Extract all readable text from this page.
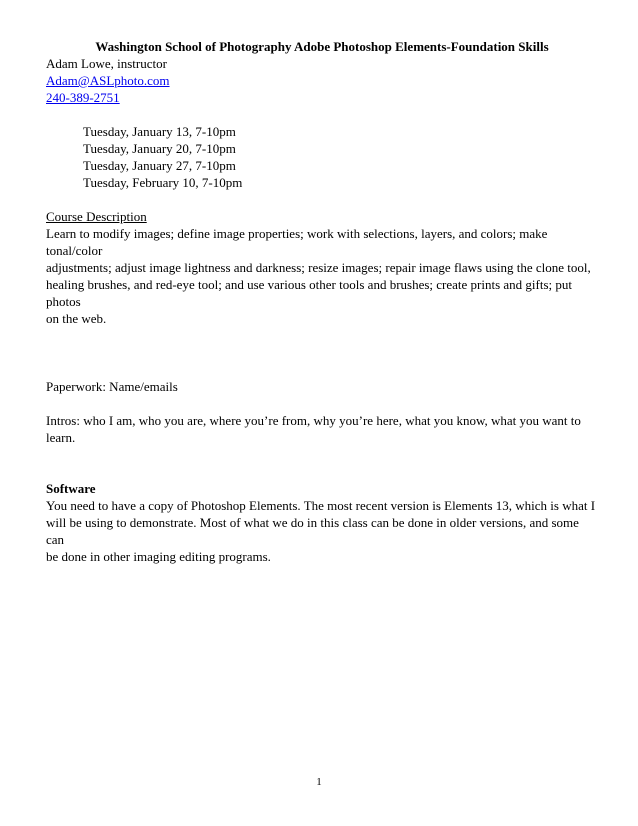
Washington School of Photography Adobe Photoshop Elements-Foundation Skills

Adam Lowe, instructor

Adam@ASLphoto.com

240-389-2751

Tuesday, January 13, 7-10pm

Tuesday, January 20, 7-10pm

Tuesday, January 27, 7-10pm

Tuesday, February 10, 7-10pm

Course Description

Learn to modify images; define image properties; work with selections, layers, and colors; make tonal/color

adjustments; adjust image lightness and darkness; resize images; repair image flaws using the clone tool,

healing brushes, and red-eye tool; and use various other tools and brushes; create prints and gifts; put photos

on the web.

Paperwork: Name/emails

Intros: who I am, who you are, where you’re from, why you’re here, what you know, what you want to learn.

Software

You need to have a copy of Photoshop Elements. The most recent version is Elements 13, which is what I

will be using to demonstrate. Most of what we do in this class can be done in older versions, and some can

be done in other imaging editing programs.

1
